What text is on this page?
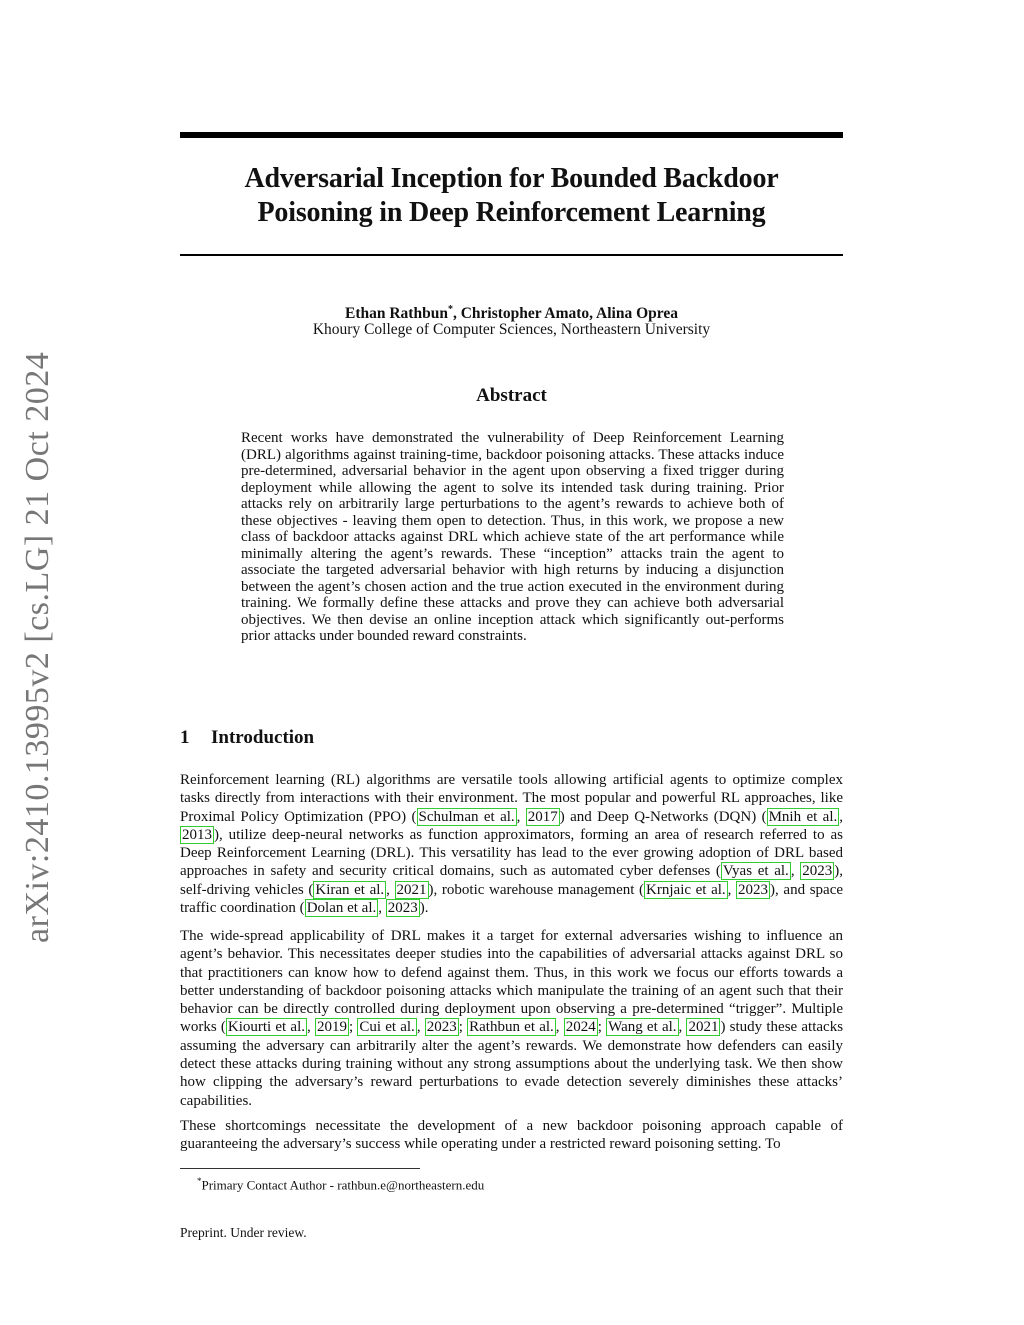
arXiv:2410.13995v2 [cs.LG] 21 Oct 2024
Adversarial Inception for Bounded Backdoor
Poisoning in Deep Reinforcement Learning
Ethan Rathbun*, Christopher Amato, Alina Oprea
Khoury College of Computer Sciences, Northeastern University
Abstract
Recent works have demonstrated the vulnerability of Deep Reinforcement Learning (DRL) algorithms against training-time, backdoor poisoning attacks. These attacks induce pre-determined, adversarial behavior in the agent upon observing a fixed trigger during deployment while allowing the agent to solve its intended task during training. Prior attacks rely on arbitrarily large perturbations to the agent’s rewards to achieve both of these objectives - leaving them open to detection. Thus, in this work, we propose a new class of backdoor attacks against DRL which achieve state of the art performance while minimally altering the agent’s rewards. These “inception” attacks train the agent to associate the targeted adversarial behavior with high returns by inducing a disjunction between the agent’s chosen action and the true action executed in the environment during training. We formally define these attacks and prove they can achieve both adversarial objectives. We then devise an online inception attack which significantly out-performs prior attacks under bounded reward constraints.
1 Introduction
Reinforcement learning (RL) algorithms are versatile tools allowing artificial agents to optimize complex tasks directly from interactions with their environment. The most popular and powerful RL approaches, like Proximal Policy Optimization (PPO) ( Schulman et al. , 2017 ) and Deep Q-Networks (DQN) ( Mnih et al. , 2013 ), utilize deep-neural networks as function approximators, forming an area of research referred to as Deep Reinforcement Learning (DRL). This versatility has lead to the ever growing adoption of DRL based approaches in safety and security critical domains, such as automated cyber defenses ( Vyas et al. , 2023 ), self-driving vehicles ( Kiran et al. , 2021 ), robotic warehouse management ( Krnjaic et al. , 2023 ), and space traffic coordination ( Dolan et al. , 2023 ).
The wide-spread applicability of DRL makes it a target for external adversaries wishing to influence an agent’s behavior. This necessitates deeper studies into the capabilities of adversarial attacks against DRL so that practitioners can know how to defend against them. Thus, in this work we focus our efforts towards a better understanding of backdoor poisoning attacks which manipulate the training of an agent such that their behavior can be directly controlled during deployment upon observing a pre-determined “trigger”. Multiple works ( Kiourti et al. , 2019 ; Cui et al. , 2023 ; Rathbun et al. , 2024 ; Wang et al. , 2021 ) study these attacks assuming the adversary can arbitrarily alter the agent’s rewards. We demonstrate how defenders can easily detect these attacks during training without any strong assumptions about the underlying task. We then show how clipping the adversary’s reward perturbations to evade detection severely diminishes these attacks’ capabilities.
These shortcomings necessitate the development of a new backdoor poisoning approach capable of guaranteeing the adversary’s success while operating under a restricted reward poisoning setting. To
*Primary Contact Author - rathbun.e@northeastern.edu
Preprint. Under review.
